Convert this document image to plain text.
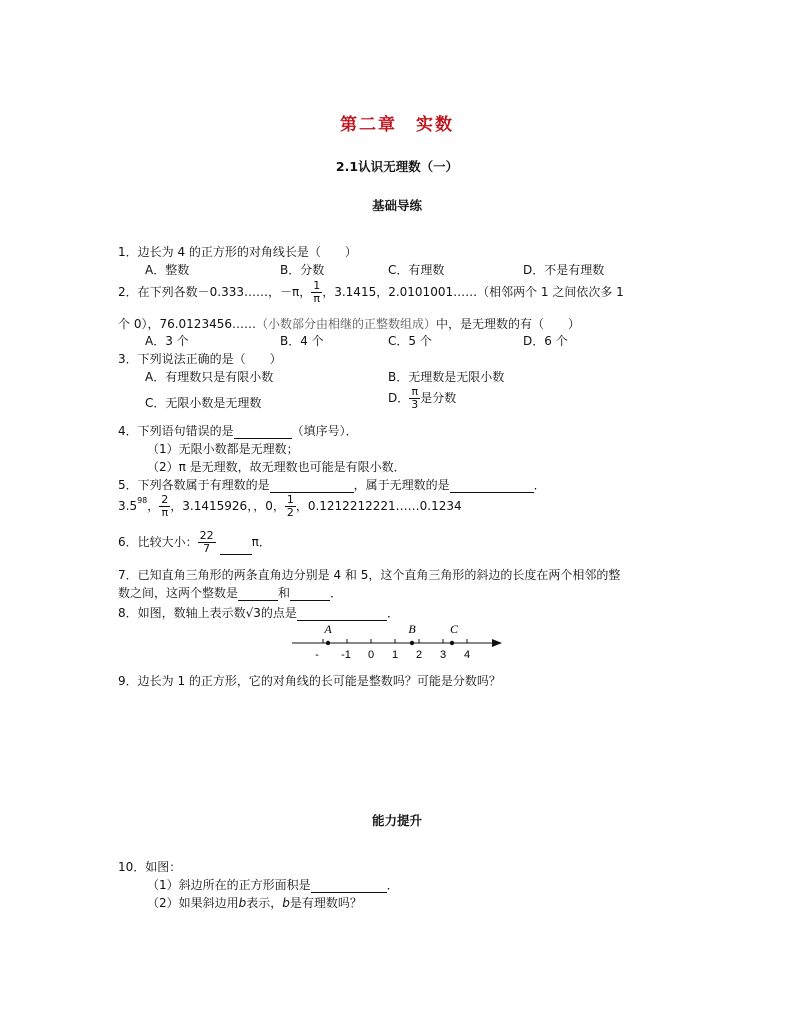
第二章　实数
2.1认识无理数（一）
基础导练
1．边长为 4 的正方形的对角线长是（　　）
A．整数	B．分数	C．有理数	D．不是有理数
2．在下列各数－0.333……，－π， $\frac{1}{\pi}$ ，3.1415，2.0101001……（相邻两个 1 之间依次多 1
个 0），76.0123456……（小数部分由相继的正整数组成）中，是无理数的有（　　）
A．3 个	B．4 个	C．5 个	D．6 个
3．下列说法正确的是（　　）
A．有理数只是有限小数	B．无理数是无限小数
C．无限小数是无理数	D． $\frac{\pi}{3}$ 是分数
4．下列语句错误的是	（填序号）．
（1）无限小数都是无理数；
（2）π 是无理数，故无理数也可能是有限小数．
5．下列各数属于有理数的是	，属于无理数的是	．
$3.5^{9̇8̇}$， $\frac{2}{\pi}$ ，3.1415926，，0， $\frac{1}{2}$ ，0.1212212221……0.1234
6．比较大小： $\frac{22}{7}$	π．
7．已知直角三角形的两条直角边分别是 4 和 5，这个直角三角形的斜边的长度在两个相邻的整
数之间，这两个整数是	和	．
8．如图，数轴上表示数√3的点是	．
A	B	C
- -1 0 1 2 3 4
9．边长为 1 的正方形，它的对角线的长可能是整数吗？可能是分数吗？
能力提升
10．如图：
（1）斜边所在的正方形面积是	．
（2）如果斜边用b表示，b是有理数吗？
